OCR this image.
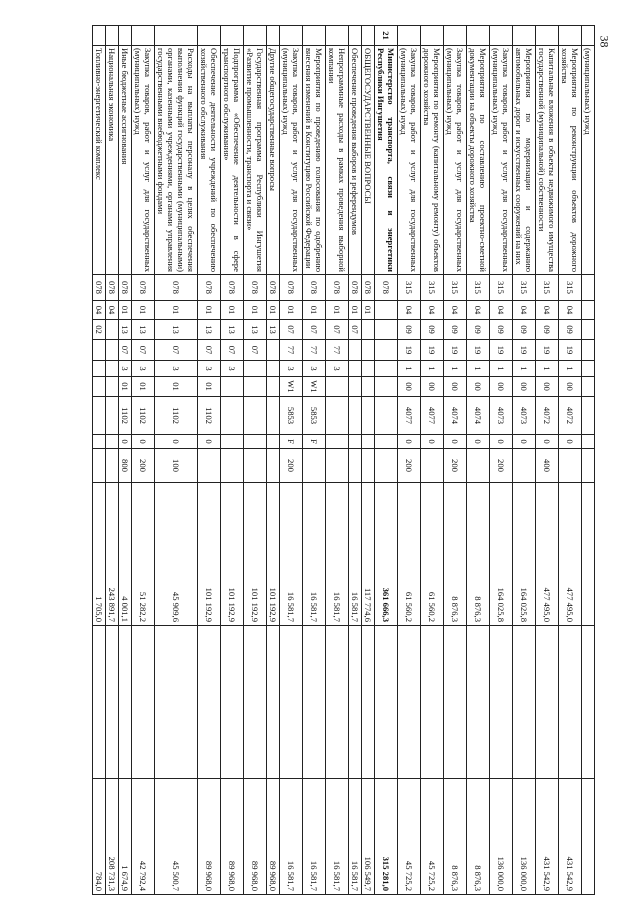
38
	(муниципальных) нужд												
	Мероприятия по реконструкции объектов дорожного хозяйства	315	04	09	19	1	00	4072	0		477 495,0		431 542,9
	Капитальные вложения в объекты недвижимого имущества государственной (муниципальной) собственности	315	04	09	19	1	00	4072	0	400	477 495,0		431 542,9
	Мероприятия по модернизации и содержанию автомобильных дорог и искусственных сооружений на них	315	04	09	19	1	00	4073	0		164 025,8		136 000,0
	Закупка товаров, работ и услуг для государственных (муниципальных) нужд	315	04	09	19	1	00	4073	0	200	164 025,8		136 000,0
	Мероприятия по составлению проектно-сметной документации на объекты дорожного хозяйства	315	04	09	19	1	00	4074	0		8 876,3		8 876,3
	Закупка товаров, работ и услуг для государственных (муниципальных) нужд	315	04	09	19	1	00	4074	0	200	8 876,3		8 876,3
	Мероприятия по ремонту (капитальному ремонту) объектов дорожного хозяйства	315	04	09	19	1	00	4077	0		61 560,2		45 725,2
	Закупка товаров, работ и услуг для государственных (муниципальных) нужд	315	04	09	19	1	00	4077	0	200	61 560,2		45 725,2
21	Министерство транспорта, связи и энергетики Республики Ингушетия	078									361 666,3		315 281,0
	ОБЩЕГОСУДАРСТВЕННЫЕ ВОПРОСЫ	078	01								117 774,6		106 549,7
	Обеспечение проведения выборов и референдумов	078	01	07							16 581,7		16 581,7
	Непрограммные расходы в рамках проведения выборной компании	078	01	07	77	3					16 581,7		16 581,7
	Мероприятия по проведению голосования по одобрению внесения изменений в Конституцию Российской Федерации	078	01	07	77	3	W1	5853	F		16 581,7		16 581,7
	Закупка товаров, работ и услуг для государственных (муниципальных) нужд	078	01	07	77	3	W1	5853	F	200	16 581,7		16 581,7
	Другие общегосударственные вопросы	078	01	13							101 192,9		89 968,0
	Государственная программа Республики Ингушетия «Развитие промышленности, транспорта и связи»	078	01	13	07						101 192,9		89 968,0
	Подпрограмма «Обеспечение деятельности в сфере транспортного обслуживания»	078	01	13	07	3					101 192,9		89 968,0
	Обеспечение деятельности учреждений по обеспечению хозяйственного обслуживания	078	01	13	07	3	01	1102	0		101 192,9		89 968,0
	Расходы на выплаты персоналу в целях обеспечения выполнения функций государственными (муниципальными) органами, казенными учреждениями, органами управления государственными внебюджетными фондами	078	01	13	07	3	01	1102	0	100	45 909,6		45 500,7
	Закупка товаров, работ и услуг для государственных (муниципальных) нужд	078	01	13	07	3	01	1102	0	200	51 282,2		42 792,4
	Иные бюджетные ассигнования	078	01	13	07	3	01	1102	0	800	4 001,1		1 674,9
	Национальная экономика	078	04								243 891,7		208 731,3
	Топливно-энергетический комплекс	078	04	02							1 705,0		784,0
